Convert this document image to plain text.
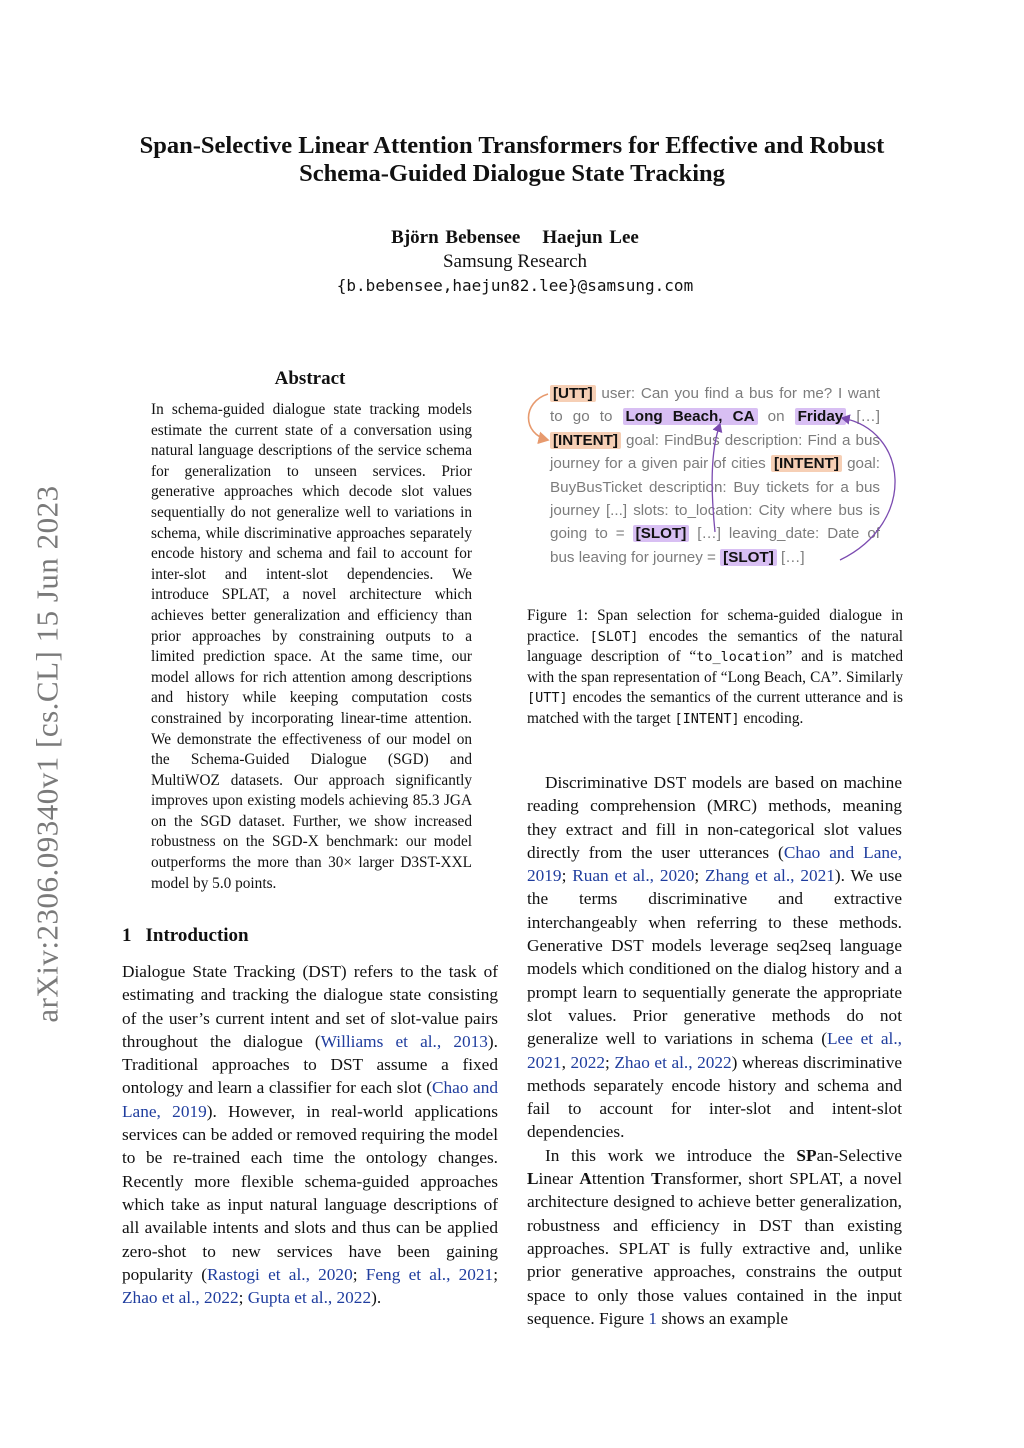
arXiv:2306.09340v1 [cs.CL] 15 Jun 2023
Span-Selective Linear Attention Transformers for Effective and Robust
Schema-Guided Dialogue State Tracking
Björn Bebensee Haejun Lee
Samsung Research
{b.bebensee,haejun82.lee}@samsung.com
Abstract
In schema-guided dialogue state tracking models estimate the current state of a conversation using natural language descriptions of the service schema for generalization to unseen services. Prior generative approaches which decode slot values sequentially do not generalize well to variations in schema, while discriminative approaches separately encode history and schema and fail to account for inter-slot and intent-slot dependencies. We introduce SPLAT, a novel architecture which achieves better generalization and efficiency than prior approaches by constraining outputs to a limited prediction space. At the same time, our model allows for rich attention among descriptions and history while keeping computation costs constrained by incorporating linear-time attention. We demonstrate the effectiveness of our model on the Schema-Guided Dialogue (SGD) and MultiWOZ datasets. Our approach significantly improves upon existing models achieving 85.3 JGA on the SGD dataset. Further, we show increased robustness on the SGD-X benchmark: our model outperforms the more than 30× larger D3ST-XXL model by 5.0 points.
1 Introduction

Dialogue State Tracking (DST) refers to the task of estimating and tracking the dialogue state consisting of the user’s current intent and set of slot-value pairs throughout the dialogue (Williams et al., 2013). Traditional approaches to DST assume a fixed ontology and learn a classifier for each slot (Chao and Lane, 2019). However, in real-world applications services can be added or removed requiring the model to be re-trained each time the ontology changes. Recently more flexible schema-guided approaches which take as input natural language descriptions of all available intents and slots and thus can be applied zero-shot to new services have been gaining popularity (Rastogi et al., 2020; Feng et al., 2021; Zhao et al., 2022; Gupta et al., 2022).

[UTT] user: Can you find a bus for me? I want to go to Long Beach, CA on Friday […] [INTENT] goal: FindBus description: Find a bus journey for a given pair of cities [INTENT] goal: BuyBusTicket description: Buy tickets for a bus journey [...] slots: to_location: City where bus is going to = [SLOT] […] leaving_date: Date of bus leaving for journey = [SLOT] […]
Figure 1: Span selection for schema-guided dialogue in practice. [SLOT] encodes the semantics of the natural language description of “to_location” and is matched with the span representation of “Long Beach, CA”. Similarly [UTT] encodes the semantics of the current utterance and is matched with the target [INTENT] encoding.

Discriminative DST models are based on machine reading comprehension (MRC) methods, meaning they extract and fill in non-categorical slot values directly from the user utterances (Chao and Lane, 2019; Ruan et al., 2020; Zhang et al., 2021). We use the terms discriminative and extractive interchangeably when referring to these methods. Generative DST models leverage seq2seq language models which conditioned on the dialog history and a prompt learn to sequentially generate the appropriate slot values. Prior generative methods do not generalize well to variations in schema (Lee et al., 2021, 2022; Zhao et al., 2022) whereas discriminative methods separately encode history and schema and fail to account for inter-slot and intent-slot dependencies.

In this work we introduce the SPan-Selective Linear Attention Transformer, short SPLAT, a novel architecture designed to achieve better generalization, robustness and efficiency in DST than existing approaches. SPLAT is fully extractive and, unlike prior generative approaches, constrains the output space to only those values contained in the input sequence. Figure 1 shows an example
